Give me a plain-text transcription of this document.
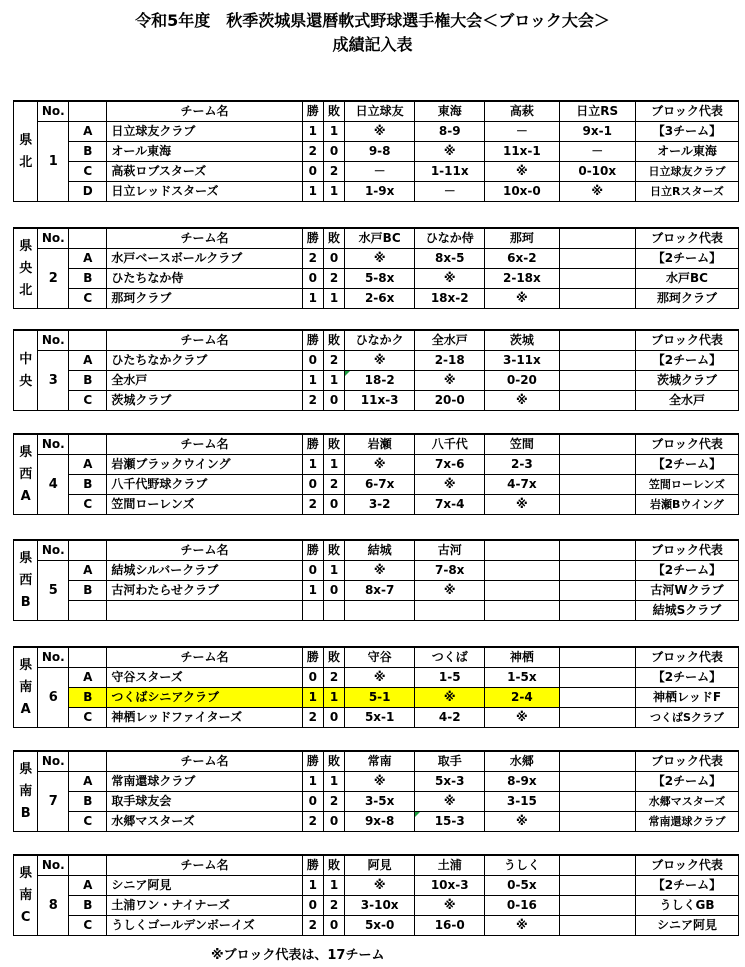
令和5年度　秋季茨城県還暦軟式野球選手権大会＜ブロック大会＞
成績記入表
県
北	No.		チーム名	勝	敗	日立球友	東海	高萩	日立RS	ブロック代表
	1	A	日立球友クラブ	1	1	※	8-9	－	9x-1	【3チーム】
		B	オール東海	2	0	9-8	※	11x-1	－	オール東海
		C	高萩ロブスターズ	0	2	－	1-11x	※	0-10x	日立球友クラブ
		D	日立レッドスターズ	1	1	1-9x	－	10x-0	※	日立Rスターズ
県
央
北	No.		チーム名	勝	敗	水戸BC	ひなか侍	那珂		ブロック代表
	2	A	水戸ベースボールクラブ	2	0	※	8x-5	6x-2		【2チーム】
		B	ひたちなか侍	0	2	5-8x	※	2-18x		水戸BC
		C	那珂クラブ	1	1	2-6x	18x-2	※		那珂クラブ
中
央	No.		チーム名	勝	敗	ひなかク	全水戸	茨城		ブロック代表
	3	A	ひたちなかクラブ	0	2	※	2-18	3-11x		【2チーム】
		B	全水戸	1	1	18-2	※	0-20		茨城クラブ
		C	茨城クラブ	2	0	11x-3	20-0	※		全水戸
県
西
A	No.		チーム名	勝	敗	岩瀬	八千代	笠間		ブロック代表
	4	A	岩瀬ブラックウイング	1	1	※	7x-6	2-3		【2チーム】
		B	八千代野球クラブ	0	2	6-7x	※	4-7x		笠間ローレンズ
		C	笠間ローレンズ	2	0	3-2	7x-4	※		岩瀬Bウイング
県
西
B	No.		チーム名	勝	敗	結城	古河			ブロック代表
	5	A	結城シルバークラブ	0	1	※	7-8x			【2チーム】
		B	古河わたらせクラブ	1	0	8x-7	※			古河Wクラブ
										結城Sクラブ
県
南
A	No.		チーム名	勝	敗	守谷	つくば	神栖		ブロック代表
	6	A	守谷スターズ	0	2	※	1-5	1-5x		【2チーム】
		B	つくばシニアクラブ	1	1	5-1	※	2-4		神栖レッドF
		C	神栖レッドファイターズ	2	0	5x-1	4-2	※		つくばSクラブ
県
南
B	No.		チーム名	勝	敗	常南	取手	水郷		ブロック代表
	7	A	常南還球クラブ	1	1	※	5x-3	8-9x		【2チーム】
		B	取手球友会	0	2	3-5x	※	3-15		水郷マスターズ
		C	水郷マスターズ	2	0	9x-8	15-3	※		常南還球クラブ
県
南
C	No.		チーム名	勝	敗	阿見	土浦	うしく		ブロック代表
	8	A	シニア阿見	1	1	※	10x-3	0-5x		【2チーム】
		B	土浦ワン・ナイナーズ	0	2	3-10x	※	0-16		うしくGB
		C	うしくゴールデンボーイズ	2	0	5x-0	16-0	※		シニア阿見
※ブロック代表は、17チーム
